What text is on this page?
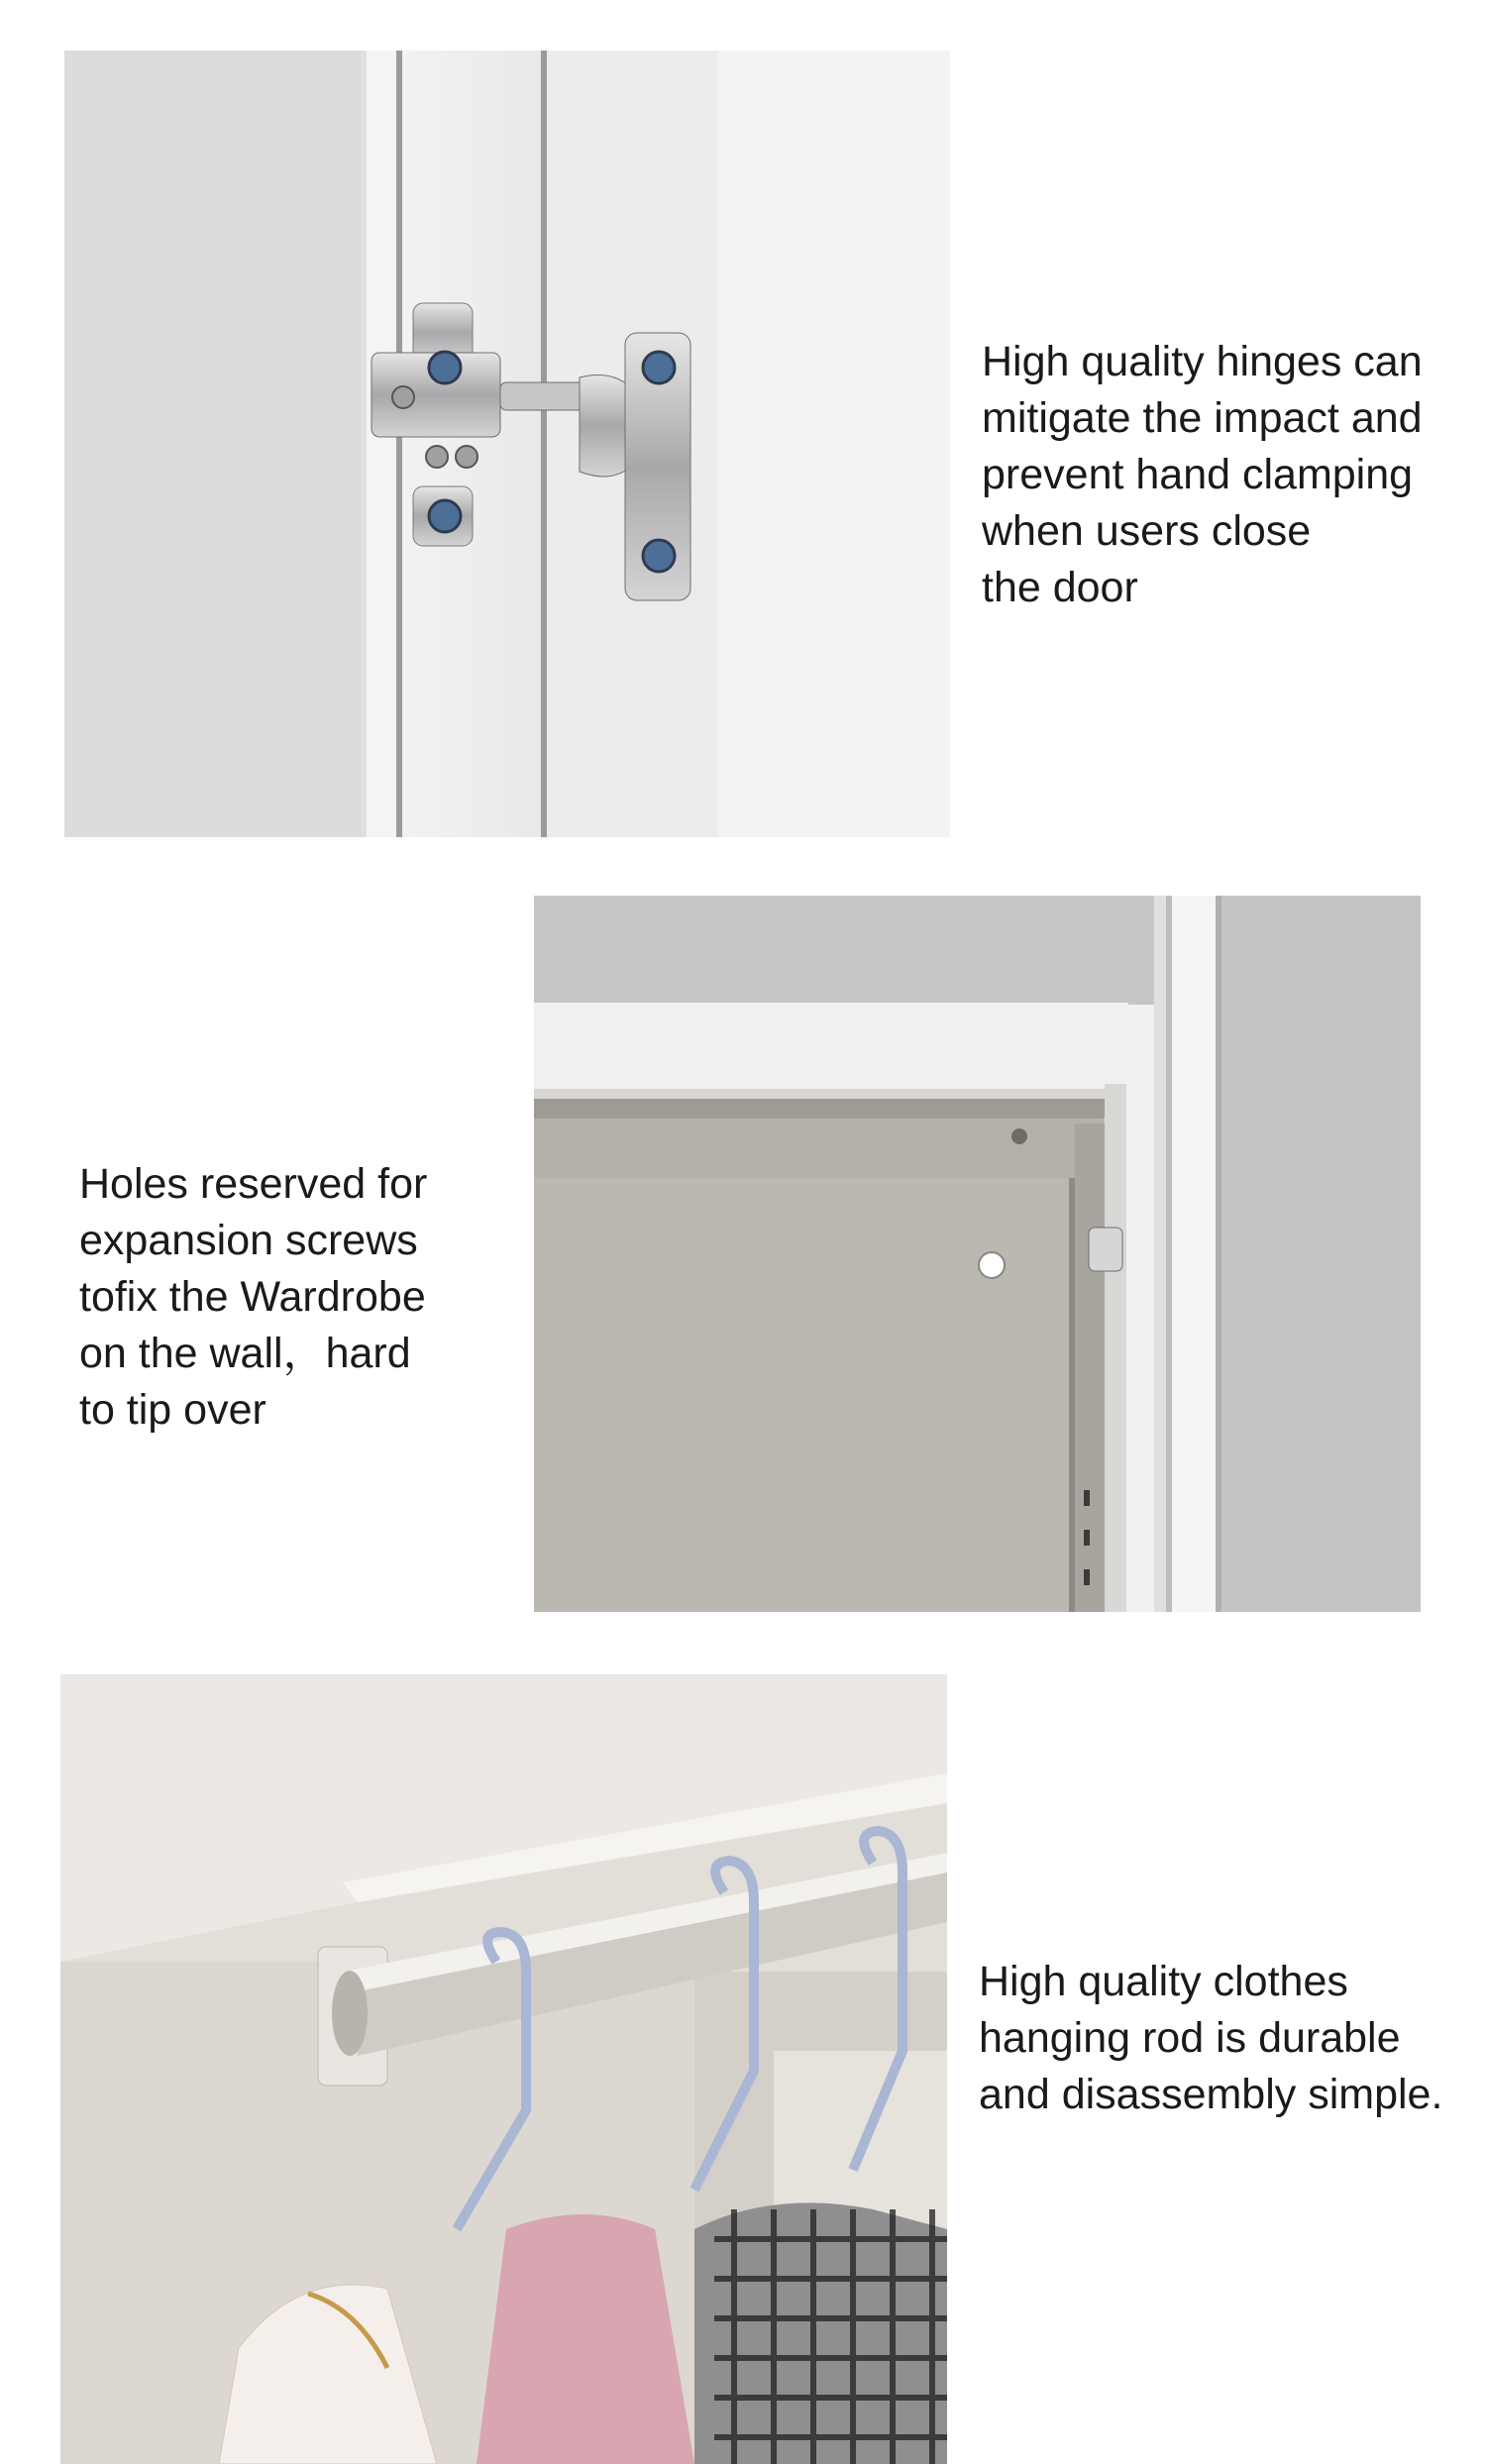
High quality hinges can
mitigate the impact and
prevent hand clamping
when users close
the door
Holes reserved for
expansion screws
tofix the Wardrobe
on the wall，hard
to tip over
High quality clothes
hanging rod is durable
and disassembly simple.
